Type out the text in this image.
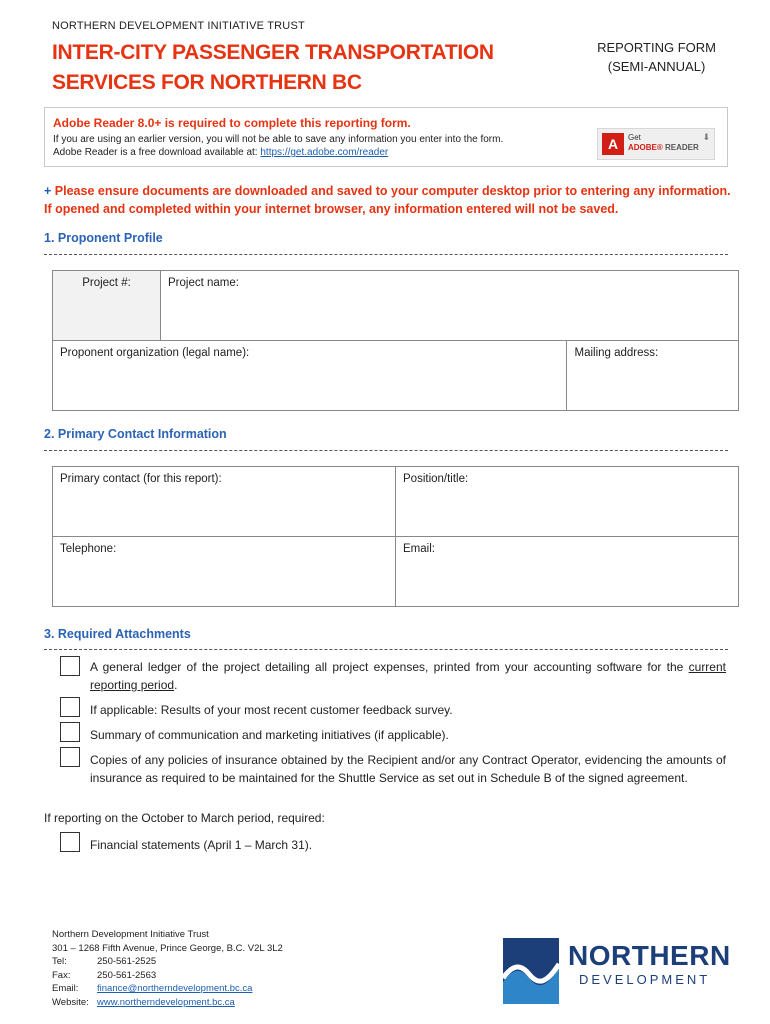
NORTHERN DEVELOPMENT INITIATIVE TRUST
INTER-CITY PASSENGER TRANSPORTATION
SERVICES FOR NORTHERN BC
REPORTING FORM
(SEMI-ANNUAL)
Adobe Reader 8.0+ is required to complete this reporting form.
If you are using an earlier version, you will not be able to save any information you enter into the form.
Adobe Reader is a free download available at: https://get.adobe.com/reader
A	Get
ADOBE® READER
⬇
+ Please ensure documents are downloaded and saved to your computer desktop prior to entering any information.
If opened and completed within your internet browser, any information entered will not be saved.
1. Proponent Profile
Project #:	Project name:	
Proponent organization (legal name):		Mailing address:
2. Primary Contact Information
Primary contact (for this report):	Position/title:
Telephone:	Email:
3. Required Attachments
A general ledger of the project detailing all project expenses, printed from your accounting software for the current reporting period.
If applicable: Results of your most recent customer feedback survey.
Summary of communication and marketing initiatives (if applicable).
Copies of any policies of insurance obtained by the Recipient and/or any Contract Operator, evidencing the amounts of insurance as required to be maintained for the Shuttle Service as set out in Schedule B of the signed agreement.
If reporting on the October to March period, required:
Financial statements (April 1 – March 31).
Northern Development Initiative Trust
301 – 1268 Fifth Avenue, Prince George, B.C. V2L 3L2
Tel:	250-561-2525
Fax:	250-561-2563
Email:	finance@northerndevelopment.bc.ca
Website: www.northerndevelopment.bc.ca
NORTHERN
DEVELOPMENT
